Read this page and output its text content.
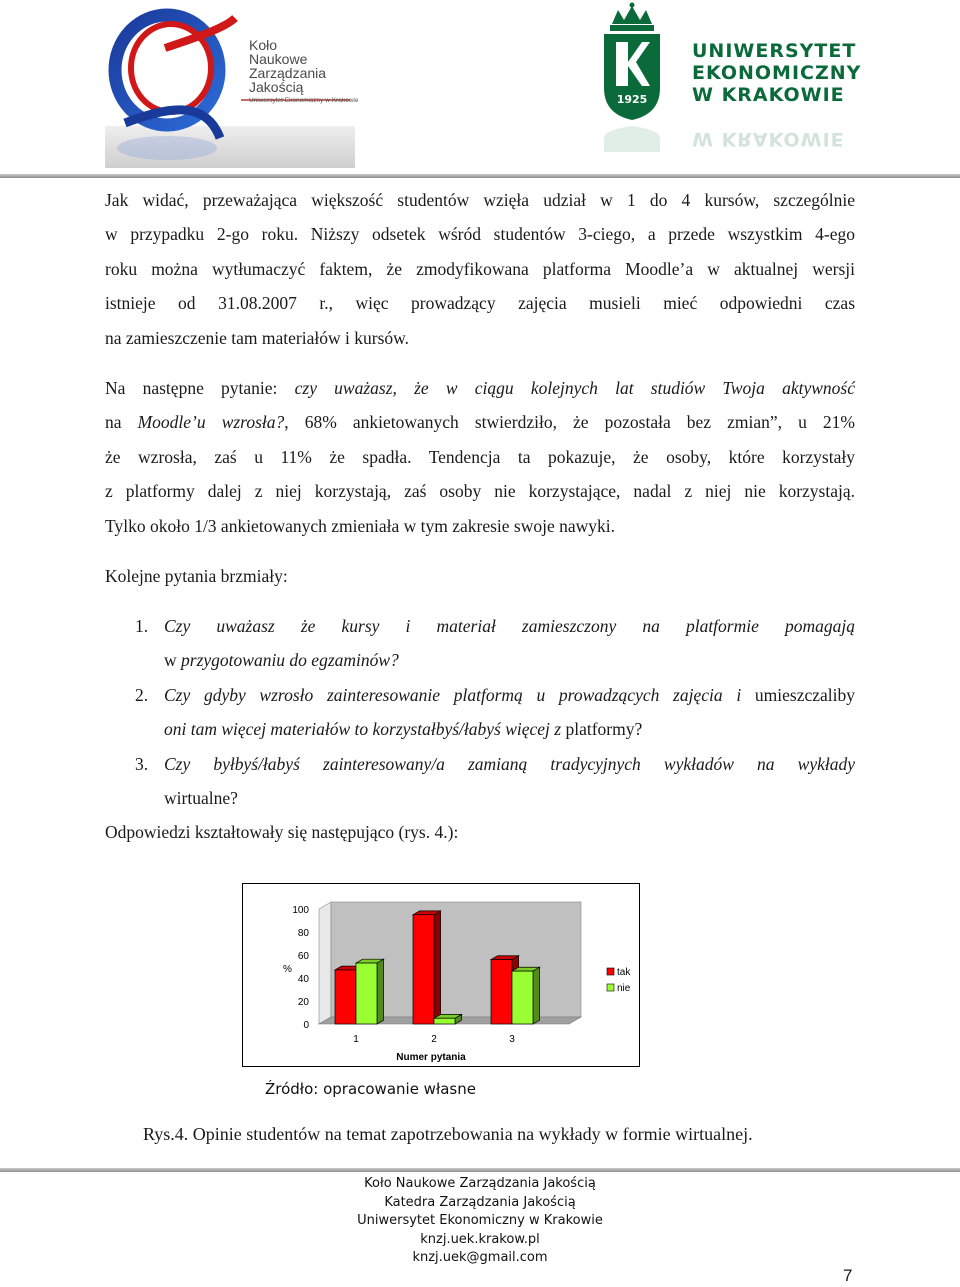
Koło
Naukowe
Zarządzania
Jakością
Uniwersytet Ekonomiczny w Krakowie	1925
UNIWERSYTET
EKONOMICZNY
W KRAKOWIE
W KRAKOWIE
Jak widać, przeważająca większość studentów wzięła udział w 1 do 4 kursów, szczególnie
w przypadku 2-go roku. Niższy odsetek wśród studentów 3-ciego, a przede wszystkim 4-ego
roku można wytłumaczyć faktem, że zmodyfikowana platforma Moodle’a w aktualnej wersji
istnieje od 31.08.2007 r., więc prowadzący zajęcia musieli mieć odpowiedni czas
na zamieszczenie tam materiałów i kursów.
Na następne pytanie: czy uważasz, że w ciągu kolejnych lat studiów Twoja aktywność
na Moodle’u wzrosła?, 68% ankietowanych stwierdziło, że pozostała bez zmian”, u 21%
że wzrosła, zaś u 11% że spadła. Tendencja ta pokazuje, że osoby, które korzystały
z platformy dalej z niej korzystają, zaś osoby nie korzystające, nadal z niej nie korzystają.
Tylko około 1/3 ankietowanych zmieniała w tym zakresie swoje nawyki.
Kolejne pytania brzmiały:
1. Czy uważasz że kursy i materiał zamieszczony na platformie pomagają
w przygotowaniu do egzaminów?
2. Czy gdyby wzrosło zainteresowanie platformą u prowadzących zajęcia i umieszczaliby
oni tam więcej materiałów to korzystałbyś/łabyś więcej z platformy?
3. Czy byłbyś/łabyś zainteresowany/a zamianą tradycyjnych wykładów na wykłady
wirtualne?
Odpowiedzi kształtowały się następująco (rys. 4.):
0
20
40
60
80
100
%
1	2	3
Numer pytania
tak
nie
Źródło: opracowanie własne
Rys.4. Opinie studentów na temat zapotrzebowania na wykłady w formie wirtualnej.
Koło Naukowe Zarządzania Jakością
Katedra Zarządzania Jakością
Uniwersytet Ekonomiczny w Krakowie
knzj.uek.krakow.pl
knzj.uek@gmail.com
7
